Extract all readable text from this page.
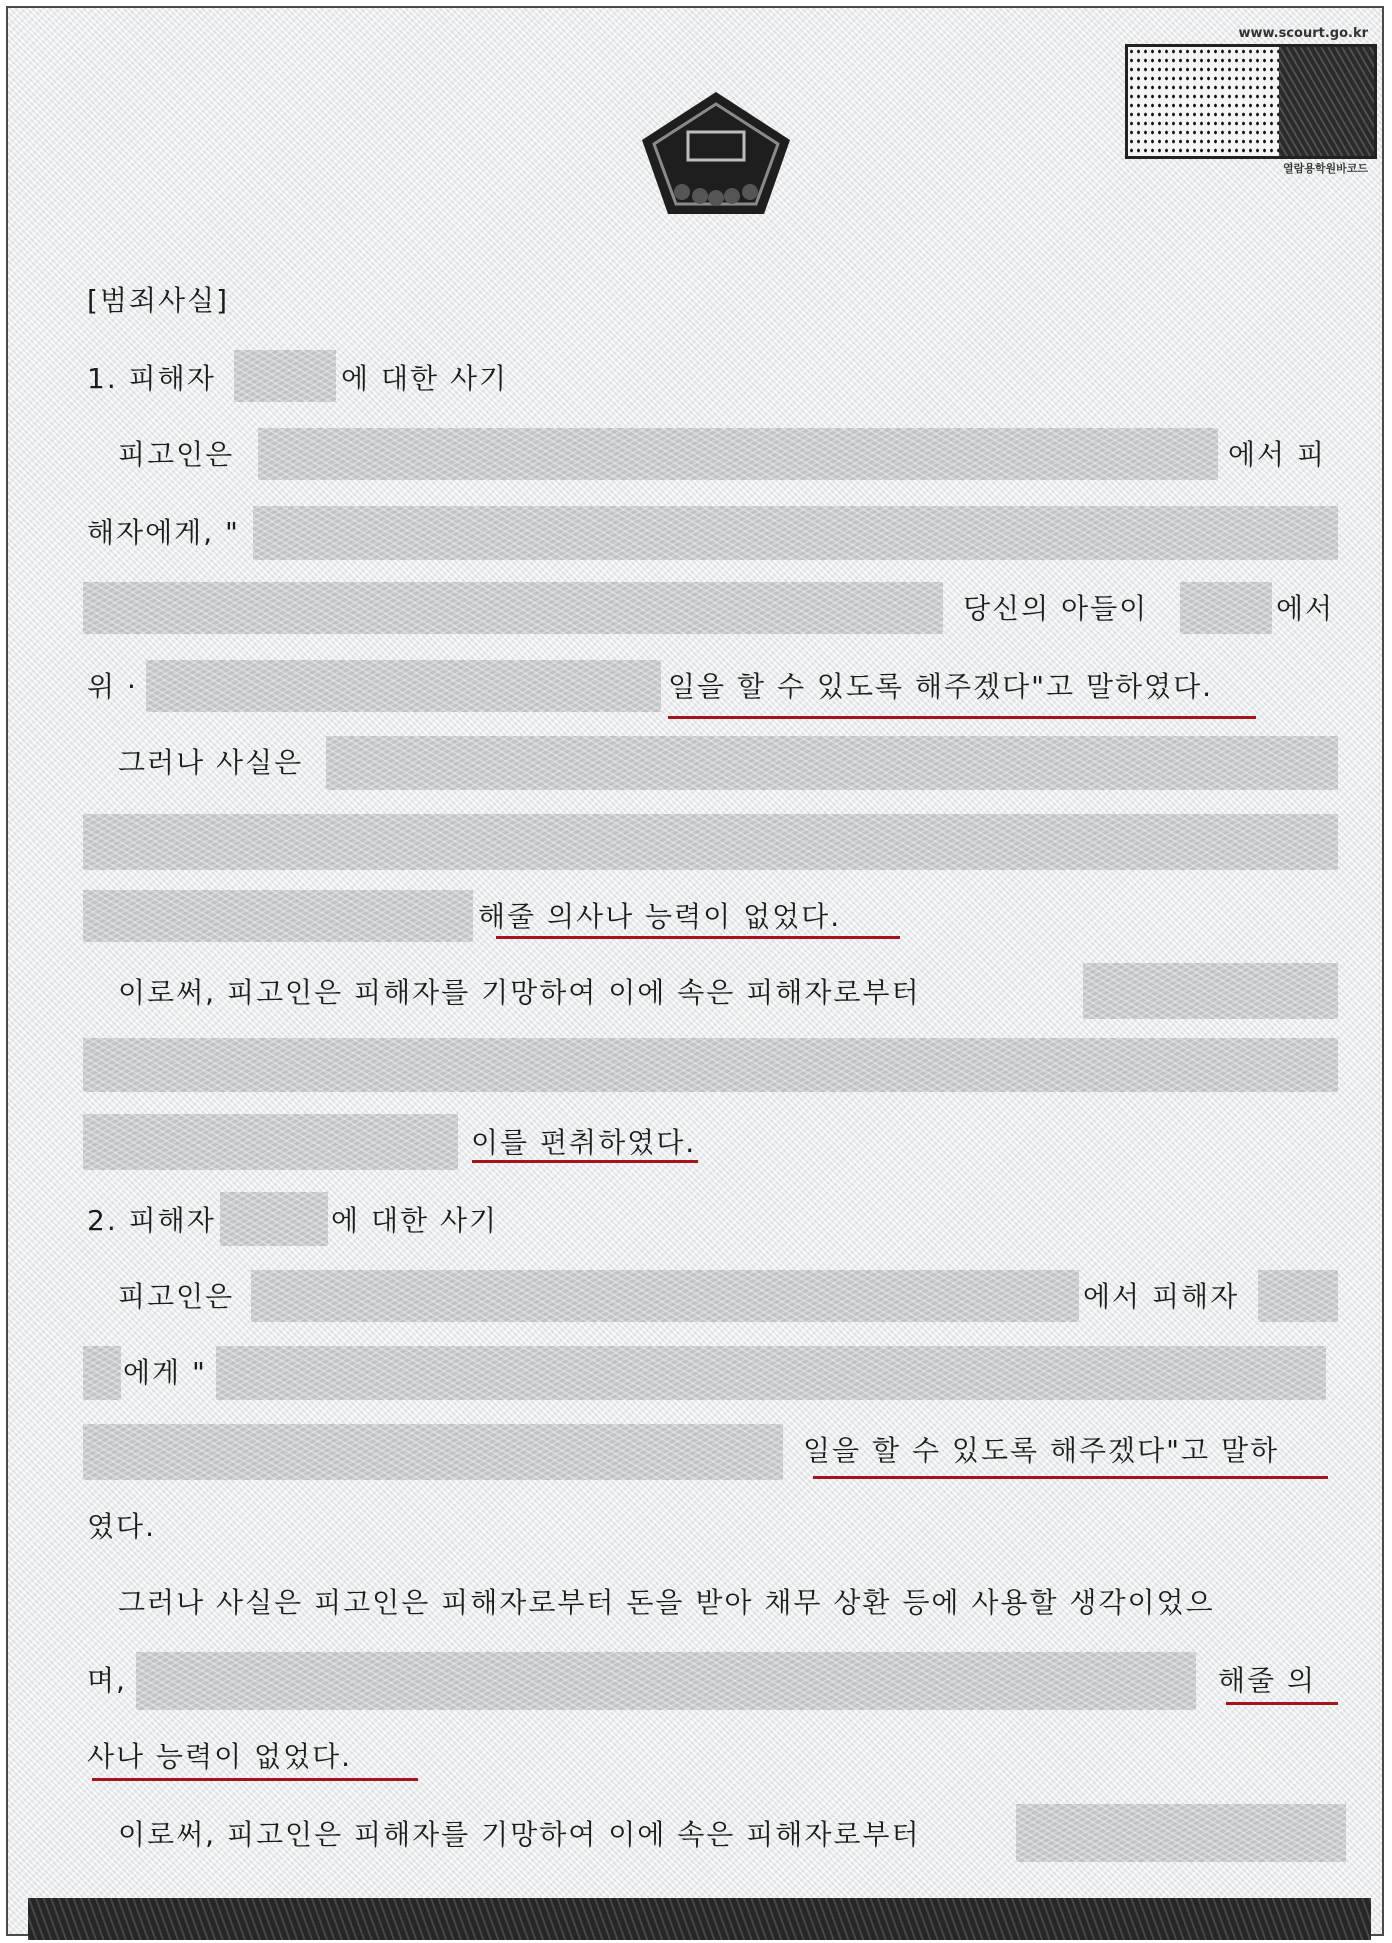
www.scourt.go.kr
열람용학원바코드
[범죄사실]
1. 피해자	에 대한 사기
피고인은	에서 피
해자에게, "
당신의 아들이	에서
위 ·	일을 할 수 있도록 해주겠다"고 말하였다.
그러나 사실은
해줄 의사나 능력이 없었다.
이로써, 피고인은 피해자를 기망하여 이에 속은 피해자로부터
이를 편취하였다.
2. 피해자	에 대한 사기
피고인은	에서 피해자
에게 "
일을 할 수 있도록 해주겠다"고 말하
였다.
그러나 사실은 피고인은 피해자로부터 돈을 받아 채무 상환 등에 사용할 생각이었으
며,	해줄 의
사나 능력이 없었다.
이로써, 피고인은 피해자를 기망하여 이에 속은 피해자로부터
